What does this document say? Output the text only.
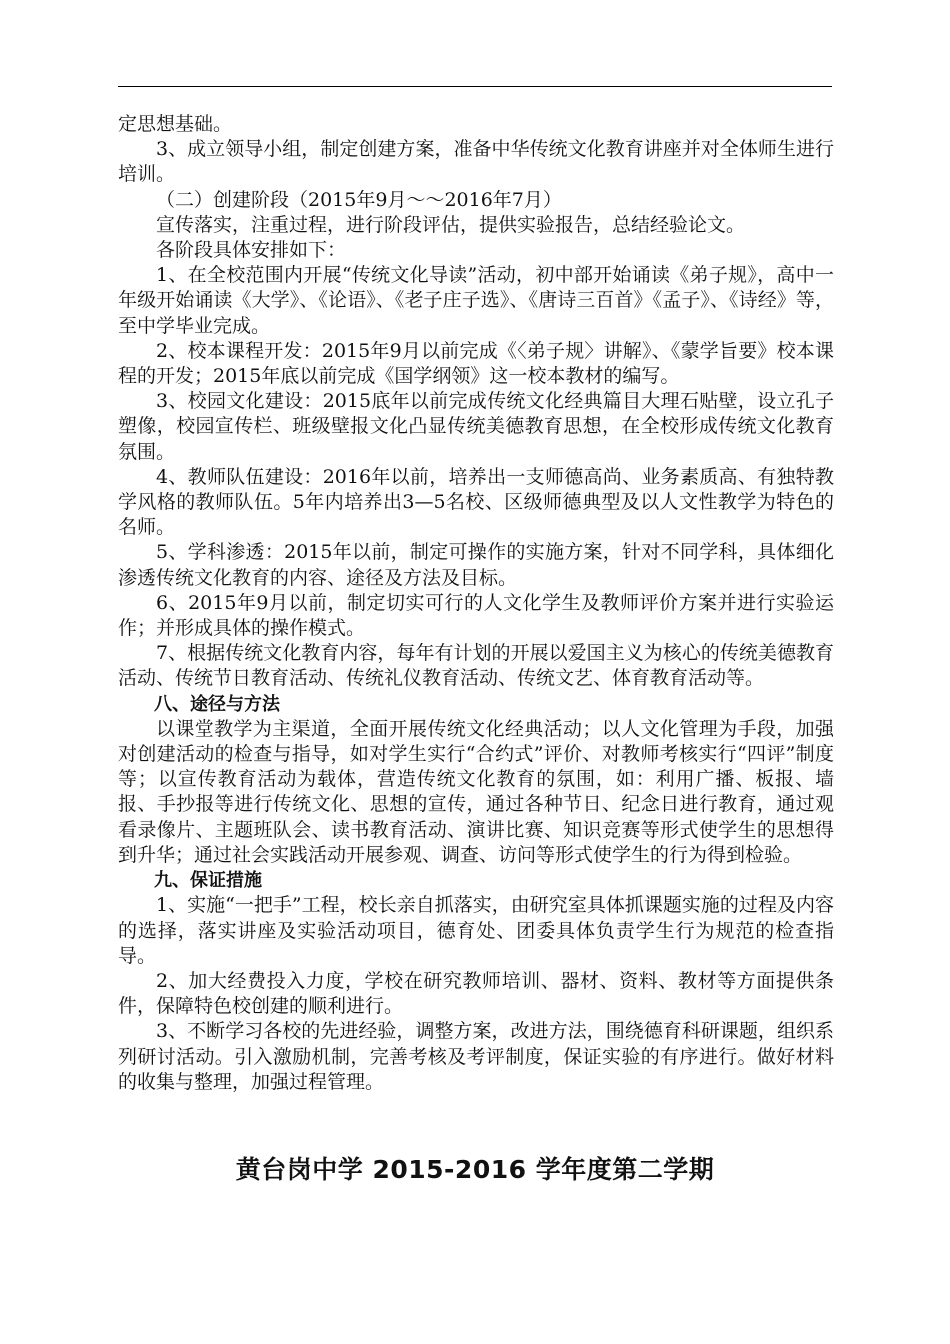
定思想基础。

3、成立领导小组，制定创建方案，准备中华传统文化教育讲座并对全体师生进行培训。

（二）创建阶段（2015年9月～～2016年7月）

宣传落实，注重过程，进行阶段评估，提供实验报告，总结经验论文。

各阶段具体安排如下：

1、在全校范围内开展“传统文化导读”活动，初中部开始诵读《弟子规》，高中一年级开始诵读《大学》、《论语》、《老子庄子选》、《唐诗三百首》《孟子》、《诗经》等，至中学毕业完成。

2、校本课程开发：2015年9月以前完成《〈弟子规〉讲解》、《蒙学旨要》校本课程的开发；2015年底以前完成《国学纲领》这一校本教材的编写。

3、校园文化建设：2015底年以前完成传统文化经典篇目大理石贴壁，设立孔子塑像，校园宣传栏、班级壁报文化凸显传统美德教育思想，在全校形成传统文化教育氛围。

4、教师队伍建设：2016年以前，培养出一支师德高尚、业务素质高、有独特教学风格的教师队伍。5年内培养出3—5名校、区级师德典型及以人文性教学为特色的名师。

5、学科渗透：2015年以前，制定可操作的实施方案，针对不同学科，具体细化渗透传统文化教育的内容、途径及方法及目标。

6、2015年9月以前，制定切实可行的人文化学生及教师评价方案并进行实验运作；并形成具体的操作模式。

7、根据传统文化教育内容，每年有计划的开展以爱国主义为核心的传统美德教育活动、传统节日教育活动、传统礼仪教育活动、传统文艺、体育教育活动等。

八、途径与方法

以课堂教学为主渠道，全面开展传统文化经典活动；以人文化管理为手段，加强对创建活动的检查与指导，如对学生实行“合约式”评价、对教师考核实行“四评”制度等；以宣传教育活动为载体，营造传统文化教育的氛围，如：利用广播、板报、墙报、手抄报等进行传统文化、思想的宣传，通过各种节日、纪念日进行教育，通过观看录像片、主题班队会、读书教育活动、演讲比赛、知识竞赛等形式使学生的思想得到升华；通过社会实践活动开展参观、调查、访问等形式使学生的行为得到检验。

九、保证措施

1、实施“一把手”工程，校长亲自抓落实，由研究室具体抓课题实施的过程及内容的选择，落实讲座及实验活动项目，德育处、团委具体负责学生行为规范的检查指导。

2、加大经费投入力度，学校在研究教师培训、器材、资料、教材等方面提供条件，保障特色校创建的顺利进行。

3、不断学习各校的先进经验，调整方案，改进方法，围绕德育科研课题，组织系列研讨活动。引入激励机制，完善考核及考评制度，保证实验的有序进行。做好材料的收集与整理，加强过程管理。

黄台岗中学 2015-2016 学年度第二学期
